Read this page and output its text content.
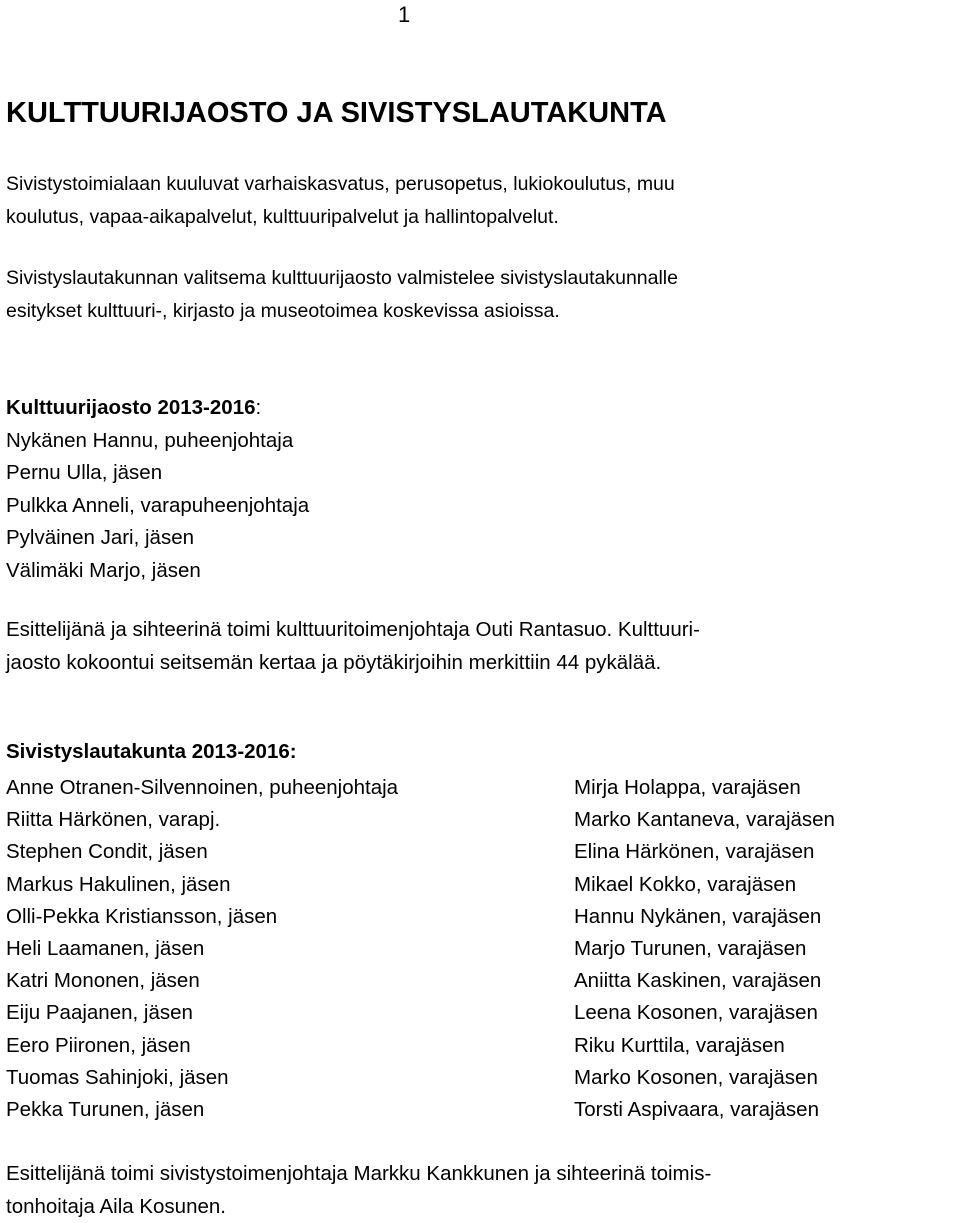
1
KULTTUURIJAOSTO JA SIVISTYSLAUTAKUNTA

Sivistystoimialaan kuuluvat varhaiskasvatus, perusopetus, lukiokoulutus, muu
koulutus, vapaa-aikapalvelut, kulttuuripalvelut ja hallintopalvelut.

Sivistyslautakunnan valitsema kulttuurijaosto valmistelee sivistyslautakunnalle
esitykset kulttuuri-, kirjasto ja museotoimea koskevissa asioissa.

Kulttuurijaosto 2013-2016:
Nykänen Hannu, puheenjohtaja
Pernu Ulla, jäsen
Pulkka Anneli, varapuheenjohtaja
Pylväinen Jari, jäsen
Välimäki Marjo, jäsen
Esittelijänä ja sihteerinä toimi kulttuuritoimenjohtaja Outi Rantasuo. Kulttuuri-
jaosto kokoontui seitsemän kertaa ja pöytäkirjoihin merkittiin 44 pykälää.
Sivistyslautakunta 2013-2016:
Anne Otranen-Silvennoinen, puheenjohtaja
Riitta Härkönen, varapj.
Stephen Condit, jäsen
Markus Hakulinen, jäsen
Olli-Pekka Kristiansson, jäsen
Heli Laamanen, jäsen
Katri Mononen, jäsen
Eiju Paajanen, jäsen
Eero Piironen, jäsen
Tuomas Sahinjoki, jäsen
Pekka Turunen, jäsen
Mirja Holappa, varajäsen
Marko Kantaneva, varajäsen
Elina Härkönen, varajäsen
Mikael Kokko, varajäsen
Hannu Nykänen, varajäsen
Marjo Turunen, varajäsen
Aniitta Kaskinen, varajäsen
Leena Kosonen, varajäsen
Riku Kurttila, varajäsen
Marko Kosonen, varajäsen
Torsti Aspivaara, varajäsen
Esittelijänä toimi sivistystoimenjohtaja Markku Kankkunen ja sihteerinä toimis-
tonhoitaja Aila Kosunen.
